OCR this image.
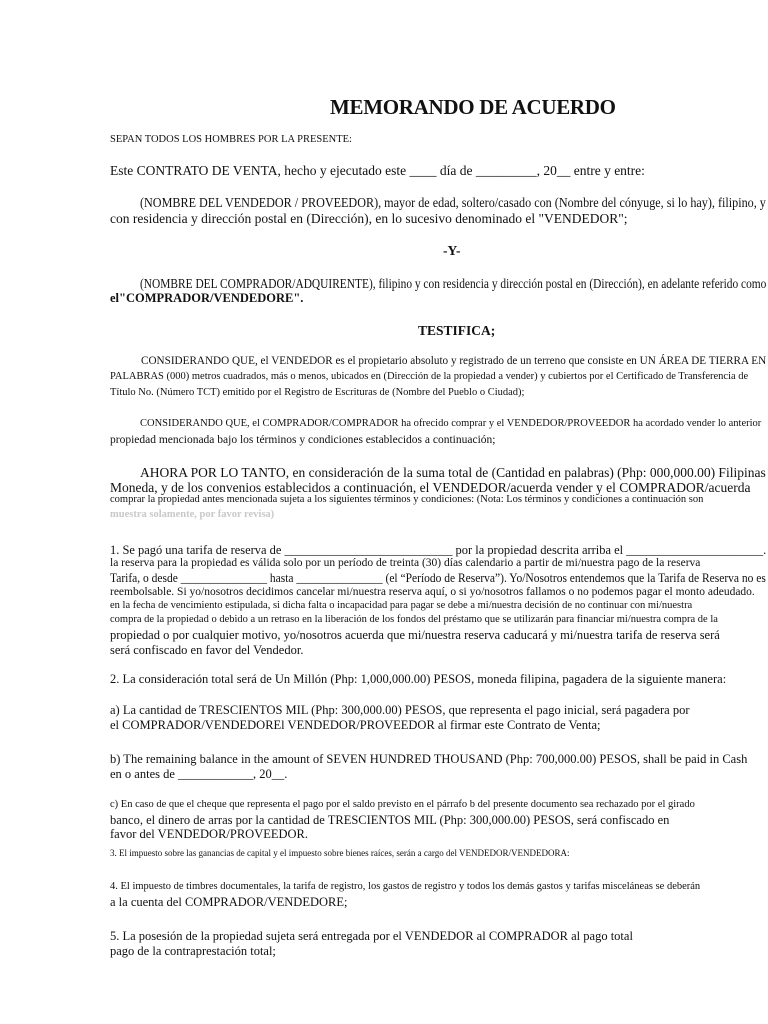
MEMORANDO DE ACUERDO
SEPAN TODOS LOS HOMBRES POR LA PRESENTE:
Este CONTRATO DE VENTA, hecho y ejecutado este ____ día de _________, 20__ entre y entre:
(NOMBRE DEL VENDEDOR / PROVEEDOR), mayor de edad, soltero/casado con (Nombre del cónyuge, si lo hay), filipino, y
con residencia y dirección postal en (Dirección), en lo sucesivo denominado el "VENDEDOR";
-Y-
(NOMBRE DEL COMPRADOR/ADQUIRENTE), filipino y con residencia y dirección postal en (Dirección), en adelante referido como
el"COMPRADOR/VENDEDORE".
TESTIFICA;
CONSIDERANDO QUE, el VENDEDOR es el propietario absoluto y registrado de un terreno que consiste en UN ÁREA DE TIERRA EN
PALABRAS (000) metros cuadrados, más o menos, ubicados en (Dirección de la propiedad a vender) y cubiertos por el Certificado de Transferencia de
Título No. (Número TCT) emitido por el Registro de Escrituras de (Nombre del Pueblo o Ciudad);
CONSIDERANDO QUE, el COMPRADOR/COMPRADOR ha ofrecido comprar y el VENDEDOR/PROVEEDOR ha acordado vender lo anterior
propiedad mencionada bajo los términos y condiciones establecidos a continuación;
AHORA POR LO TANTO, en consideración de la suma total de (Cantidad en palabras) (Php: 000,000.00) Filipinas
Moneda, y de los convenios establecidos a continuación, el VENDEDOR/acuerda vender y el COMPRADOR/acuerda
comprar la propiedad antes mencionada sujeta a los siguientes términos y condiciones: (Nota: Los términos y condiciones a continuación son
muestra solamente, por favor revisa)
1. Se pagó una tarifa de reserva de ___________________________ por la propiedad descrita arriba el ______________________.
la reserva para la propiedad es válida solo por un período de treinta (30) días calendario a partir de mi/nuestra pago de la reserva
Tarifa, o desde _______________ hasta _______________ (el “Período de Reserva”). Yo/Nosotros entendemos que la Tarifa de Reserva no es
reembolsable. Si yo/nosotros decidimos cancelar mi/nuestra reserva aquí, o si yo/nosotros fallamos o no podemos pagar el monto adeudado.
en la fecha de vencimiento estipulada, si dicha falta o incapacidad para pagar se debe a mi/nuestra decisión de no continuar con mi/nuestra
compra de la propiedad o debido a un retraso en la liberación de los fondos del préstamo que se utilizarán para financiar mi/nuestra compra de la
propiedad o por cualquier motivo, yo/nosotros acuerda que mi/nuestra reserva caducará y mi/nuestra tarifa de reserva será
será confiscado en favor del Vendedor.
2. La consideración total será de Un Millón (Php: 1,000,000.00) PESOS, moneda filipina, pagadera de la siguiente manera:
a) La cantidad de TRESCIENTOS MIL (Php: 300,000.00) PESOS, que representa el pago inicial, será pagadera por
el COMPRADOR/VENDEDOREl VENDEDOR/PROVEEDOR al firmar este Contrato de Venta;
b) The remaining balance in the amount of SEVEN HUNDRED THOUSAND (Php: 700,000.00) PESOS, shall be paid in Cash
en o antes de ____________, 20__.
c) En caso de que el cheque que representa el pago por el saldo previsto en el párrafo b del presente documento sea rechazado por el girado
banco, el dinero de arras por la cantidad de TRESCIENTOS MIL (Php: 300,000.00) PESOS, será confiscado en
favor del VENDEDOR/PROVEEDOR.
3. El impuesto sobre las ganancias de capital y el impuesto sobre bienes raíces, serán a cargo del VENDEDOR/VENDEDORA:
4. El impuesto de timbres documentales, la tarifa de registro, los gastos de registro y todos los demás gastos y tarifas misceláneas se deberán
a la cuenta del COMPRADOR/VENDEDORE;
5. La posesión de la propiedad sujeta será entregada por el VENDEDOR al COMPRADOR al pago total
pago de la contraprestación total;
